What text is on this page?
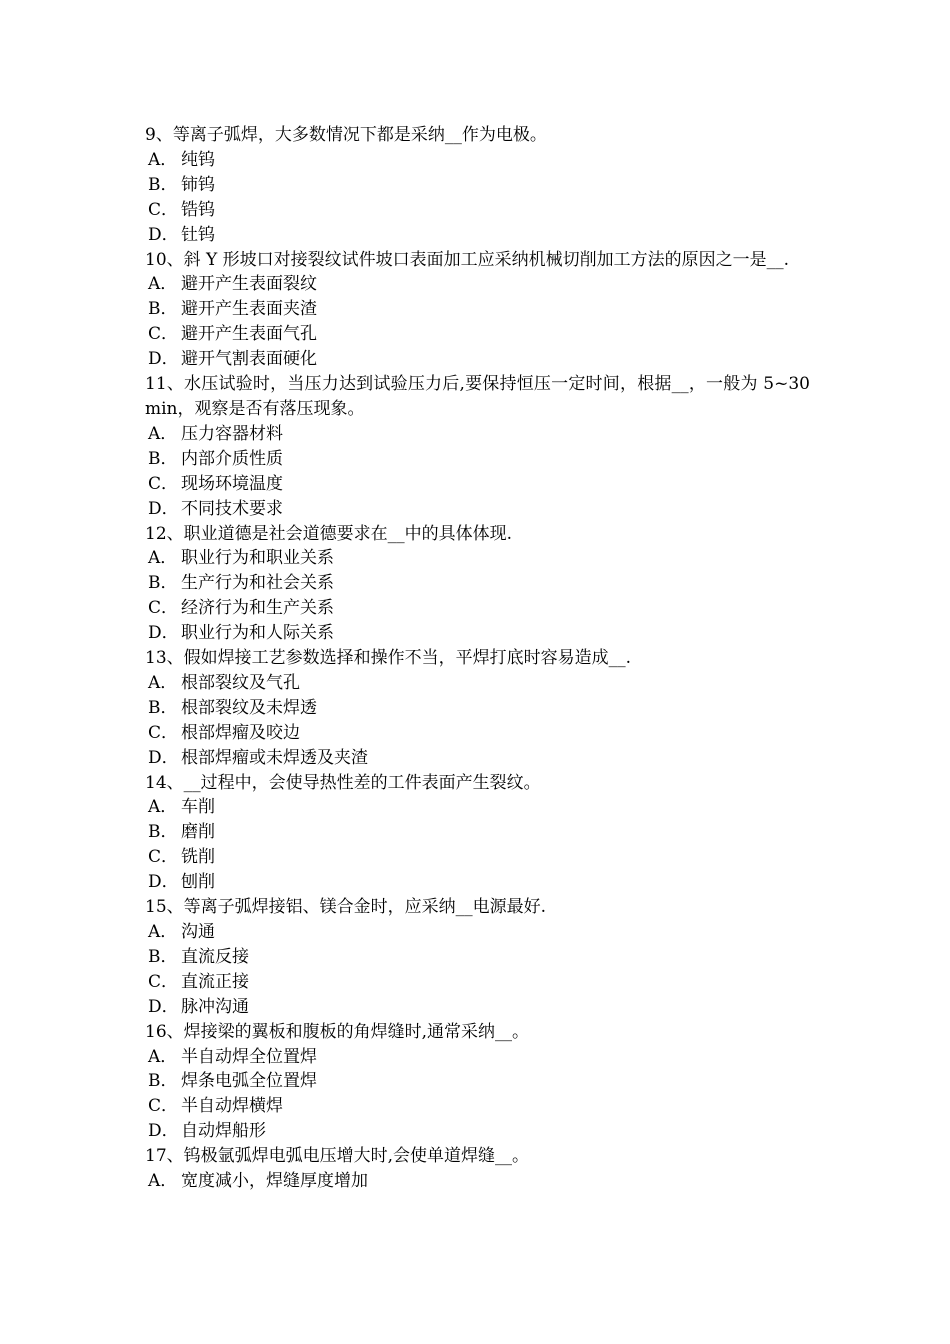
9、等离子弧焊，大多数情况下都是采纳__作为电极。

A． 纯钨
B． 铈钨
C． 锆钨
D． 钍钨

10、斜 Y 形坡口对接裂纹试件坡口表面加工应采纳机械切削加工方法的原因之一是__.

A． 避开产生表面裂纹
B． 避开产生表面夹渣
C． 避开产生表面气孔
D． 避开气割表面硬化

11、水压试验时，当压力达到试验压力后,要保持恒压一定时间，根据__，一般为 5~30min，观察是否有落压现象。

A． 压力容器材料
B． 内部介质性质
C． 现场环境温度
D． 不同技术要求

12、职业道德是社会道德要求在__中的具体体现.

A． 职业行为和职业关系
B． 生产行为和社会关系
C． 经济行为和生产关系
D． 职业行为和人际关系

13、假如焊接工艺参数选择和操作不当，平焊打底时容易造成__.

A． 根部裂纹及气孔
B． 根部裂纹及未焊透
C． 根部焊瘤及咬边
D． 根部焊瘤或未焊透及夹渣

14、__过程中，会使导热性差的工件表面产生裂纹。

A． 车削
B． 磨削
C． 铣削
D． 刨削

15、等离子弧焊接铝、镁合金时，应采纳__电源最好.

A． 沟通
B． 直流反接
C． 直流正接
D． 脉冲沟通

16、焊接梁的翼板和腹板的角焊缝时,通常采纳__。

A． 半自动焊全位置焊
B． 焊条电弧全位置焊
C． 半自动焊横焊
D． 自动焊船形

17、钨极氩弧焊电弧电压增大时,会使单道焊缝__。

A． 宽度减小，焊缝厚度增加
